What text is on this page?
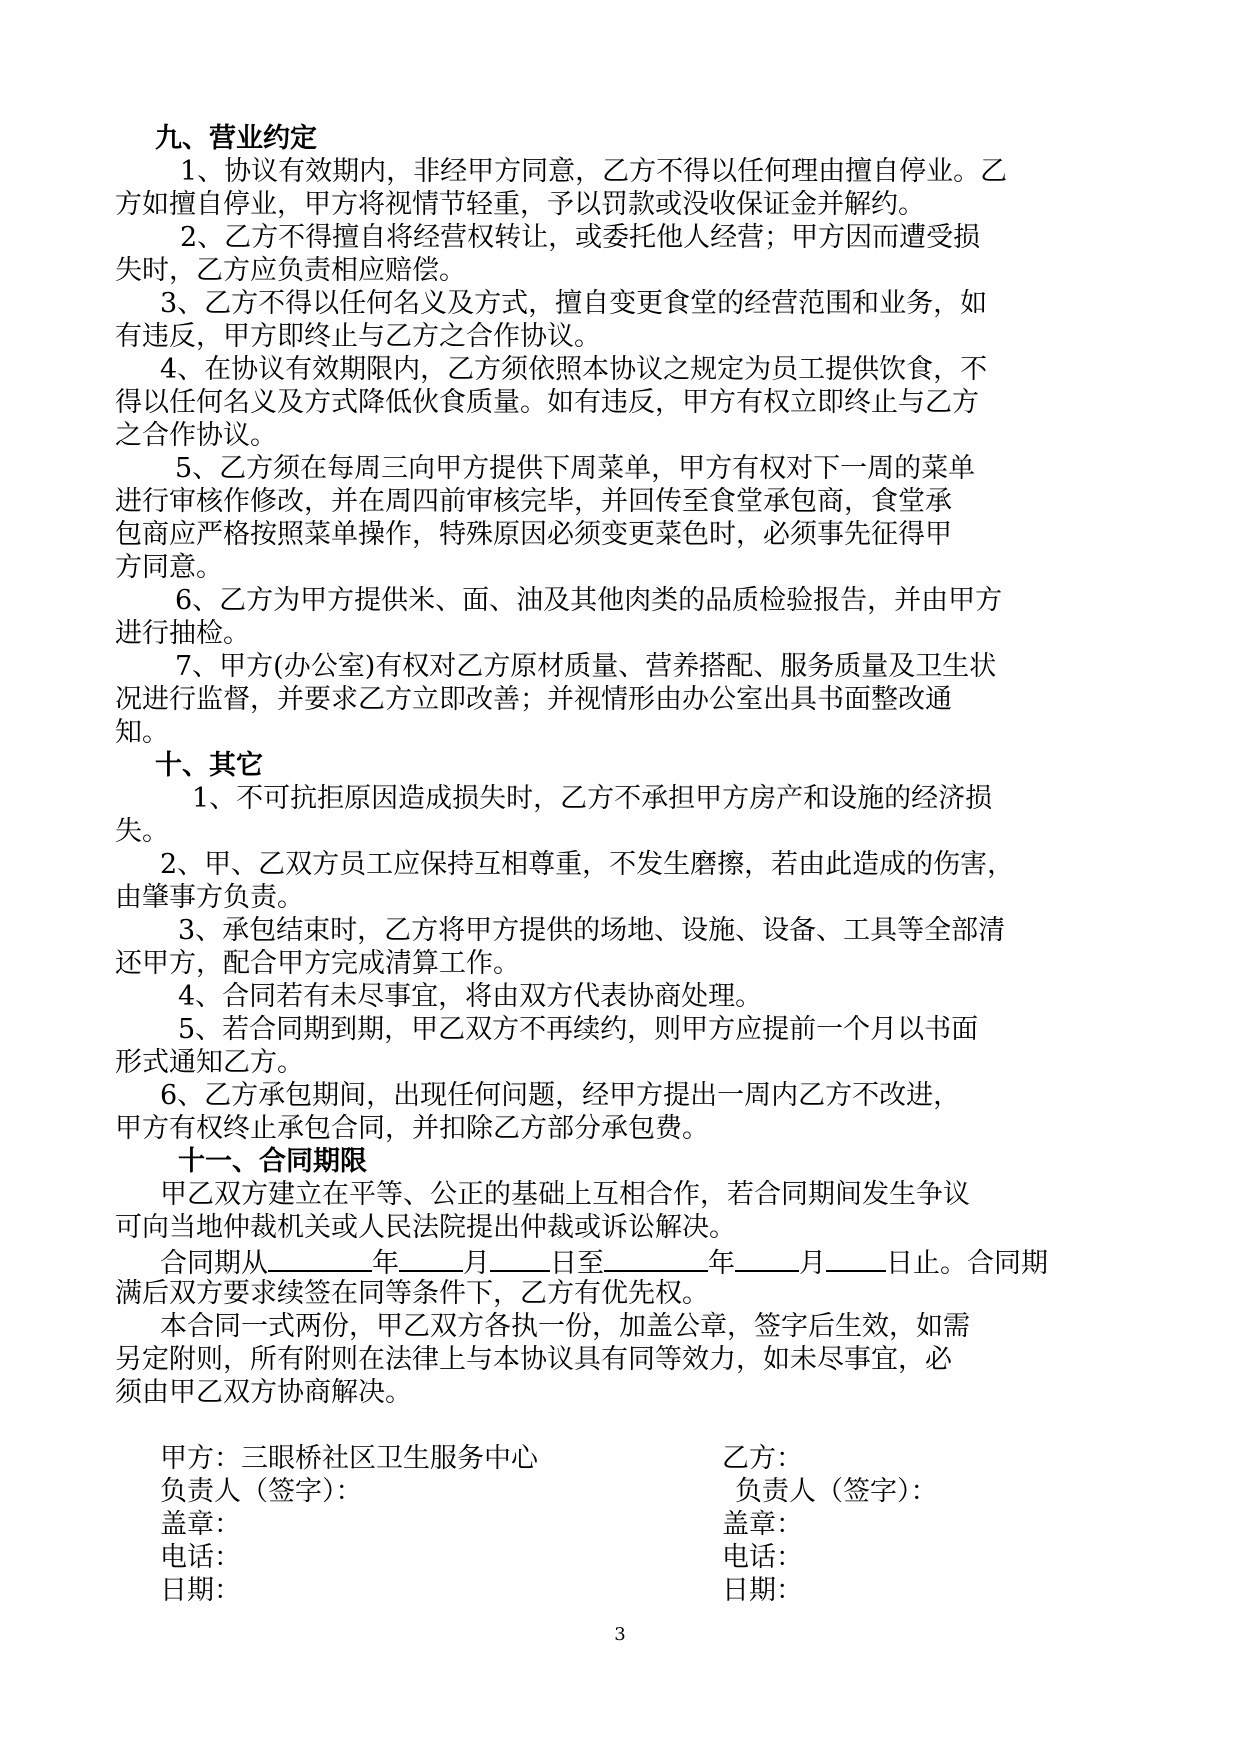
九、营业约定
1、协议有效期内，非经甲方同意，乙方不得以任何理由擅自停业。乙
方如擅自停业，甲方将视情节轻重，予以罚款或没收保证金并解约。
2、乙方不得擅自将经营权转让，或委托他人经营；甲方因而遭受损
失时，乙方应负责相应赔偿。
3、乙方不得以任何名义及方式，擅自变更食堂的经营范围和业务，如
有违反，甲方即终止与乙方之合作协议。
4、在协议有效期限内，乙方须依照本协议之规定为员工提供饮食，不
得以任何名义及方式降低伙食质量。如有违反，甲方有权立即终止与乙方
之合作协议。
5、乙方须在每周三向甲方提供下周菜单，甲方有权对下一周的菜单
进行审核作修改，并在周四前审核完毕，并回传至食堂承包商，食堂承
包商应严格按照菜单操作，特殊原因必须变更菜色时，必须事先征得甲
方同意。
6、乙方为甲方提供米、面、油及其他肉类的品质检验报告，并由甲方
进行抽检。
7、甲方(办公室)有权对乙方原材质量、营养搭配、服务质量及卫生状
况进行监督，并要求乙方立即改善；并视情形由办公室出具书面整改通
知。
十、其它
1、不可抗拒原因造成损失时，乙方不承担甲方房产和设施的经济损
失。
2、甲、乙双方员工应保持互相尊重，不发生磨擦，若由此造成的伤害，
由肇事方负责。
3、承包结束时，乙方将甲方提供的场地、设施、设备、工具等全部清
还甲方，配合甲方完成清算工作。
4、合同若有未尽事宜，将由双方代表协商处理。
5、若合同期到期，甲乙双方不再续约，则甲方应提前一个月以书面
形式通知乙方。
6、乙方承包期间，出现任何问题，经甲方提出一周内乙方不改进，
甲方有权终止承包合同，并扣除乙方部分承包费。
十一、合同期限
甲乙双方建立在平等、公正的基础上互相合作，若合同期间发生争议
可向当地仲裁机关或人民法院提出仲裁或诉讼解决。
合同期从	年 月 日至	年 月 日止。合同期
满后双方要求续签在同等条件下，乙方有优先权。
本合同一式两份，甲乙双方各执一份，加盖公章，签字后生效，如需
另定附则，所有附则在法律上与本协议具有同等效力，如未尽事宜，必
须由甲乙双方协商解决。
甲方：三眼桥社区卫生服务中心
负责人（签字）：
盖章：
电话：
日期：
乙方：
负责人（签字）：
盖章：
电话：
日期：
3
